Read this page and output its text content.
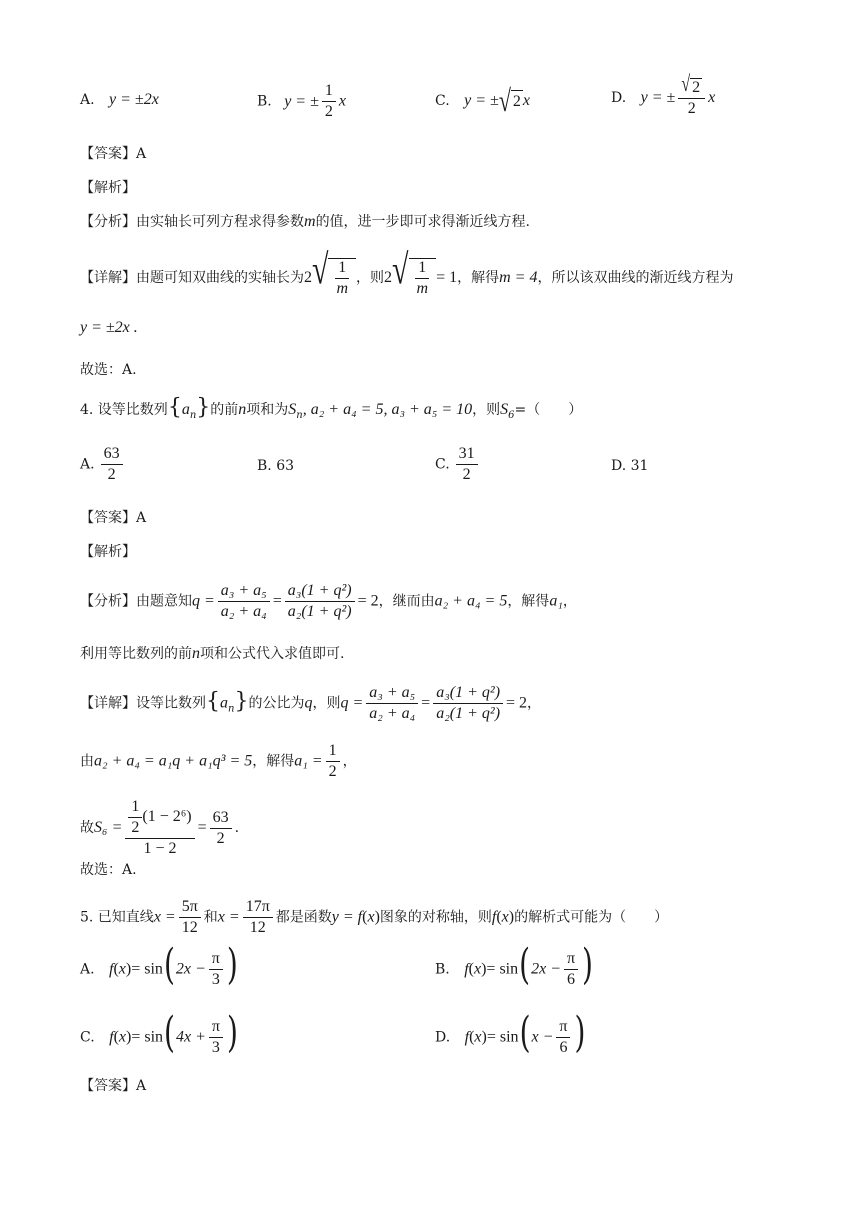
A. y = ±2x	B. y = ± $\frac{1}{2}$ x	C. y = ± √ 2 x	D. y = ± $\frac{√ 2}{2}$ x
【答案】A
【解析】
【分析】由实轴长可列方程求得参数m的值，进一步即可求得渐近线方程.
【详解】由题可知双曲线的实轴长为2 √ $\frac{1}{m}$ ，则2 √ $\frac{1}{m} = 1$，解得m = 4，所以该双曲线的渐近线方程为
y = ±2x .
故选：A.
4. 设等比数列$\{a_n\}$的前n项和为$S_n$, a₂ + a₄ = 5, a₃ + a₅ = 10，则$S_6=$（　　）
A. $\frac{63}{2}$	B. 63	C. $\frac{31}{2}$	D. 31
【答案】A
【解析】
【分析】由题意知$q = \frac{\text{a₃ + a₅}}{\text{a₂ + a₄}} = \frac{\text{a₃(1 + q²)}}{\text{a₂(1 + q²)}} = 2$，继而由a₂ + a₄ = 5，解得a₁，
利用等比数列的前n项和公式代入求值即可.
【详解】设等比数列$\{a_n\}$的公比为q，则$q = \frac{\text{a₃ + a₅}}{\text{a₂ + a₄}} = \frac{\text{a₃(1 + q²)}}{\text{a₂(1 + q²)}} = 2$，
由a₂ + a₄ = a₁q + a₁q³ = 5，解得$a_1 = \frac{1}{2}$ ，
故$S_6 = \frac{\frac{1}{2} (1 - 2^6)}{1 - 2} = \frac{63}{2}$ .
故选：A.
5. 已知直线$x = \frac{5\pi}{12}$ 和$x = \frac{17\pi}{12}$ 都是函数y = f(x)图象的对称轴，则f(x)的解析式可能为（　　）
A. $f(x)= \sin(2x - \frac{\pi}{3}$ )	B. $f(x)= \sin(2x - \frac{\pi}{6}$ )
C. $f(x)= \sin(4x + \frac{\pi}{3}$ )	D. $f(x)= \sin(x - \frac{\pi}{6}$ )
【答案】A
